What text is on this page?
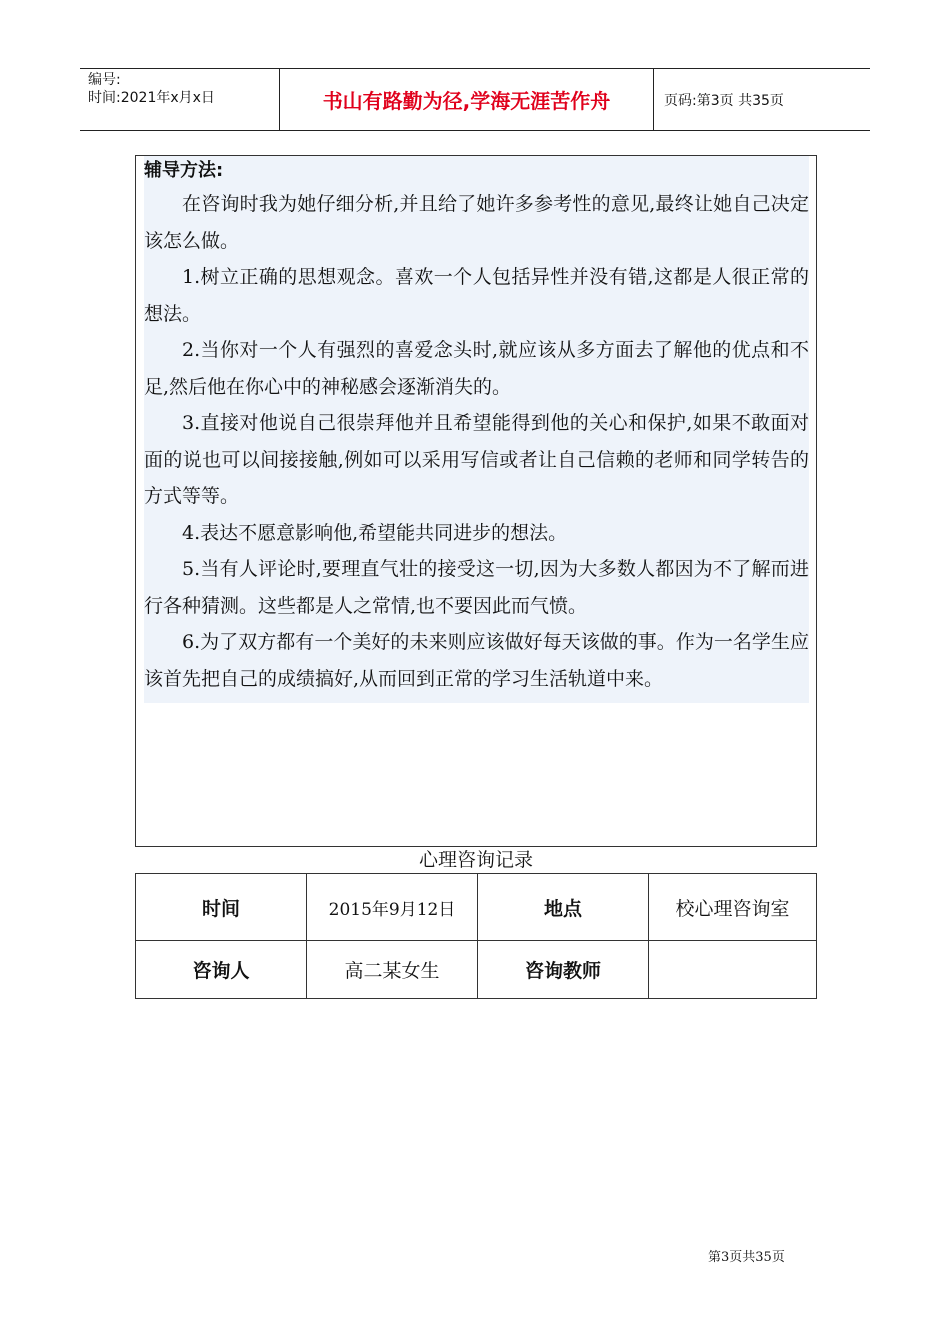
编号:
时间:2021年x月x日	书山有路勤为径,学海无涯苦作舟	页码:第3页 共35页

辅导方法:

在咨询时我为她仔细分析,并且给了她许多参考性的意见,最终让她自己决定该怎么做。

1.树立正确的思想观念。喜欢一个人包括异性并没有错,这都是人很正常的想法。

2.当你对一个人有强烈的喜爱念头时,就应该从多方面去了解他的优点和不足,然后他在你心中的神秘感会逐渐消失的。

3.直接对他说自己很崇拜他并且希望能得到他的关心和保护,如果不敢面对面的说也可以间接接触,例如可以采用写信或者让自己信赖的老师和同学转告的方式等等。

4.表达不愿意影响他,希望能共同进步的想法。

5.当有人评论时,要理直气壮的接受这一切,因为大多数人都因为不了解而进行各种猜测。这些都是人之常情,也不要因此而气愤。

6.为了双方都有一个美好的未来则应该做好每天该做的事。作为一名学生应该首先把自己的成绩搞好,从而回到正常的学习生活轨道中来。

心理咨询记录
时间	2015年9月12日	地点	校心理咨询室
咨询人	高二某女生	咨询教师	
第3页共35页
